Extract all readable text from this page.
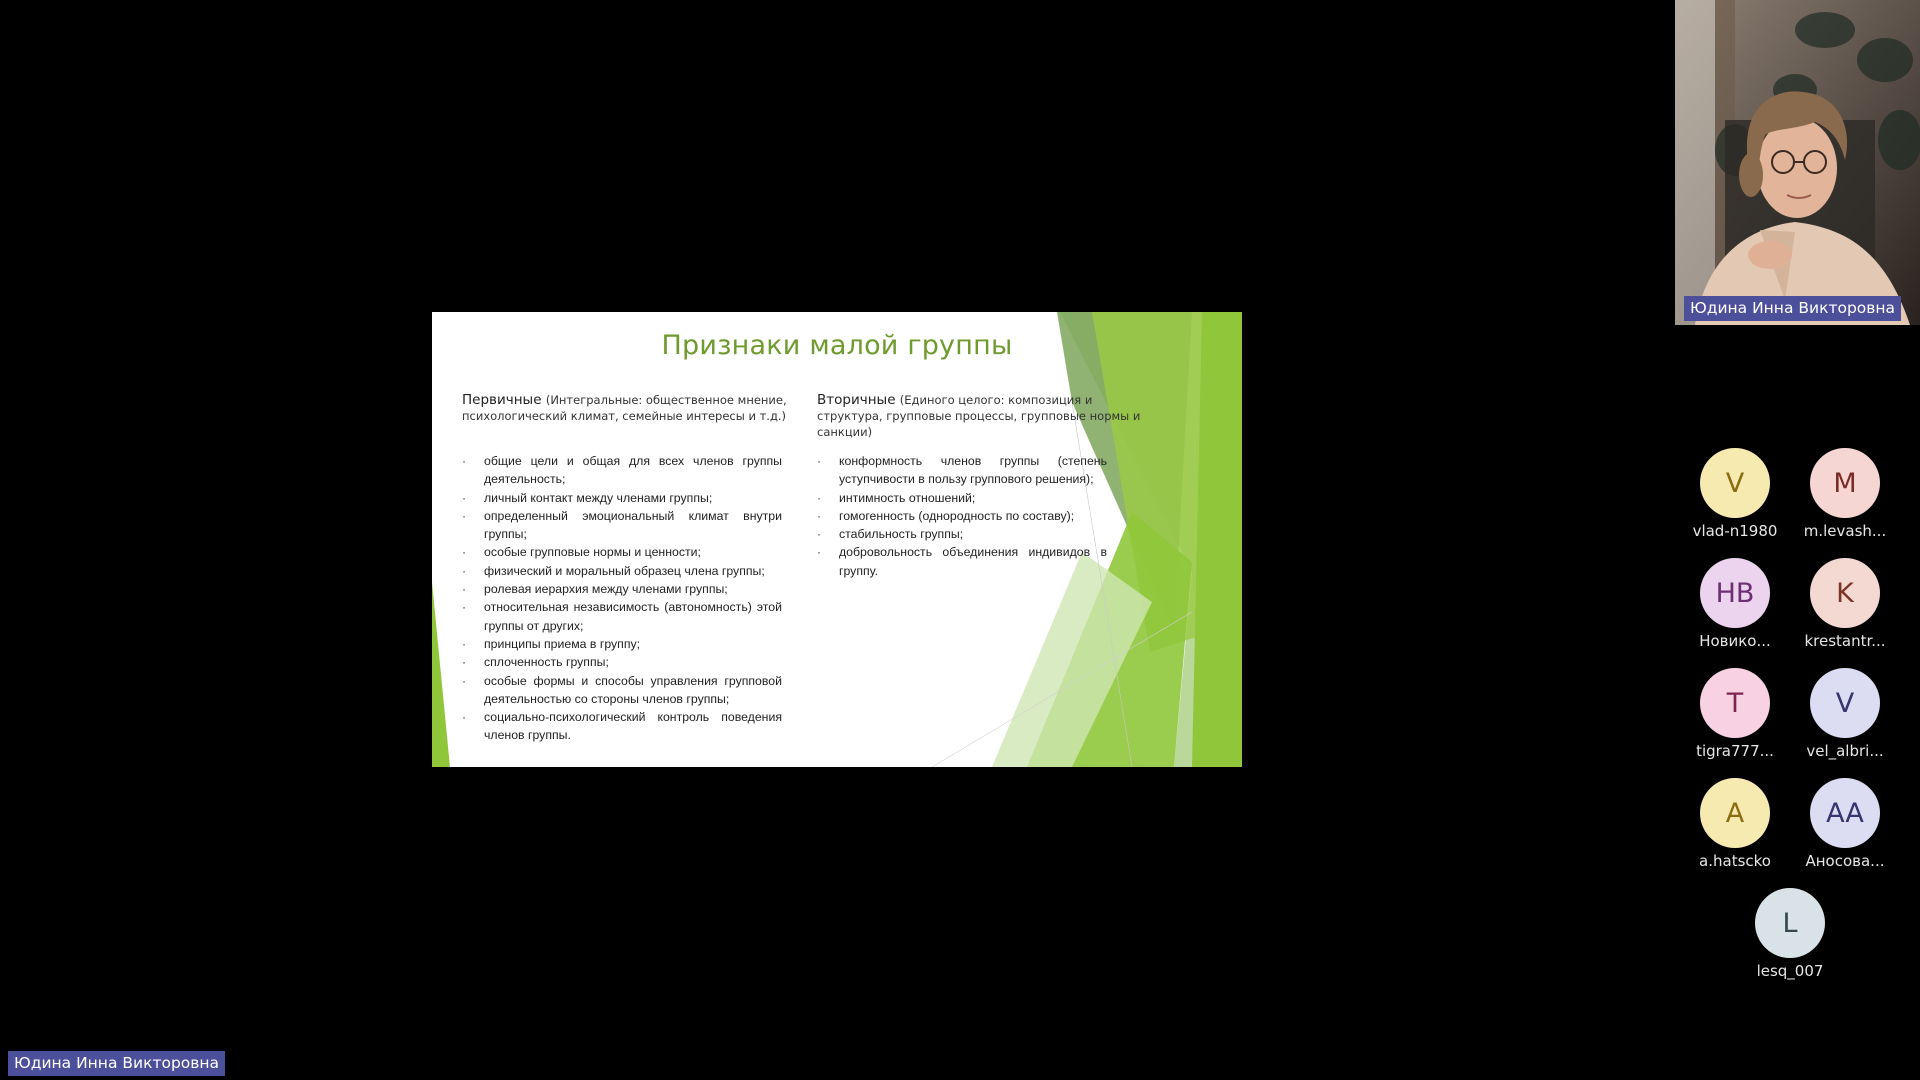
Признаки малой группы
Первичные (Интегральные: общественное мнение, психологический климат, семейные интересы и т.д.)
Вторичные (Единого целого: композиция и структура, групповые процессы, групповые нормы и санкции)
· общие цели и общая для всех членов группы деятельность;
· личный контакт между членами группы;
· определенный эмоциональный климат внутри группы;
· особые групповые нормы и ценности;
· физический и моральный образец члена группы;
· ролевая иерархия между членами группы;
· относительная независимость (автономность) этой группы от других;
· принципы приема в группу;
· сплоченность группы;
· особые формы и способы управления групповой деятельностью со стороны членов группы;
· социально-психологический контроль поведения членов группы.
· конформность членов группы (степень уступчивости в пользу группового решения);
· интимность отношений;
· гомогенность (однородность по составу);
· стабильность группы;
· добровольность объединения индивидов в группу.
Юдина Инна Викторовна
V
vlad-n1980
M
m.levash...
HB
Новико...
K
krestantr...
T
tigra777...
V
vel_albri...
A
a.hatscko
AA
Аносова...
L
lesq_007
Юдина Инна Викторовна
